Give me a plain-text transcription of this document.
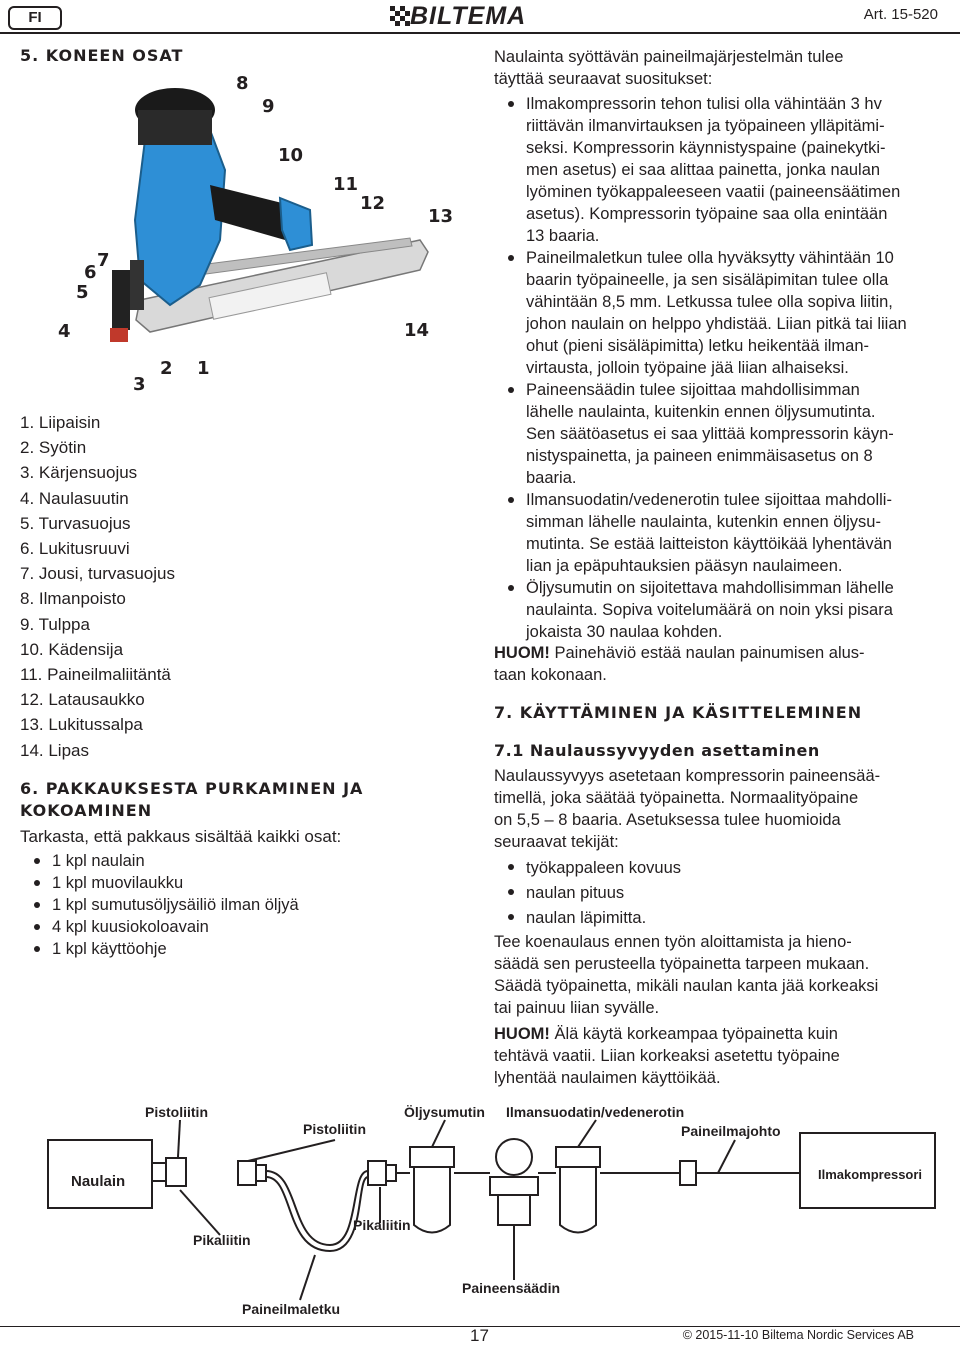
FI	BILTEMA	Art. 15-520
5. KONEEN OSAT
8
9
10
11
12
13
14
7
6
5
4
2 1
3
1. Liipaisin
2. Syötin
3. Kärjensuojus
4. Naulasuutin
5. Turvasuojus
6. Lukitusruuvi
7. Jousi, turvasuojus
8. Ilmanpoisto
9. Tulppa
10. Kädensija
11. Paineilmaliitäntä
12. Latausaukko
13. Lukitussalpa
14. Lipas
6. PAKKAUKSESTA PURKAMINEN JA
KOKOAMINEN

Tarkasta, että pakkaus sisältää kaikki osat:

1 kpl naulain
1 kpl muovilaukku
1 kpl sumutusöljysäiliö ilman öljyä
4 kpl kuusiokoloavain
1 kpl käyttöohje
Naulainta syöttävän paineilmajärjestelmän tulee
täyttää seuraavat suositukset:
Ilmakompressorin tehon tulisi olla vähintään 3 hv
riittävän ilmanvirtauksen ja työpaineen ylläpitämi-
seksi. Kompressorin käynnistyspaine (painekytki-
men asetus) ei saa alittaa painetta, jonka naulan
lyöminen työkappaleeseen vaatii (paineensäätimen
asetus). Kompressorin työpaine saa olla enintään
13 baaria.
Paineilmaletkun tulee olla hyväksytty vähintään 10
baarin työpaineelle, ja sen sisäläpimitan tulee olla
vähintään 8,5 mm. Letkussa tulee olla sopiva liitin,
johon naulain on helppo yhdistää. Liian pitkä tai liian
ohut (pieni sisäläpimitta) letku heikentää ilman-
virtausta, jolloin työpaine jää liian alhaiseksi.
Paineensäädin tulee sijoittaa mahdollisimman
lähelle naulainta, kuitenkin ennen öljysumutinta.
Sen säätöasetus ei saa ylittää kompressorin käyn-
nistyspainetta, ja paineen enimmäisasetus on 8
baaria.
Ilmansuodatin/vedenerotin tulee sijoittaa mahdolli-
simman lähelle naulainta, kutenkin ennen öljysu-
mutinta. Se estää laitteiston käyttöikää lyhentävän
lian ja epäpuhtauksien pääsyn naulaimeen.
Öljysumutin on sijoitettava mahdollisimman lähelle
naulainta. Sopiva voitelumäärä on noin yksi pisara
jokaista 30 naulaa kohden.
HUOM! Painehäviö estää naulan painumisen alus-
taan kokonaan.
7. KÄYTTÄMINEN JA KÄSITTELEMINEN
7.1 Naulaussyvyyden asettaminen
Naulaussyvyys asetetaan kompressorin paineensää-
timellä, joka säätää työpainetta. Normaalityöpaine
on 5,5 – 8 baaria. Asetuksessa tulee huomioida
seuraavat tekijät:
työkappaleen kovuus
naulan pituus
naulan läpimitta.
Tee koenaulaus ennen työn aloittamista ja hieno-
säädä sen perusteella työpainetta tarpeen mukaan.
Säädä työpainetta, mikäli naulan kanta jää korkeaksi
tai painuu liian syvälle.
HUOM! Älä käytä korkeampaa työpainetta kuin
tehtävä vaatii. Liian korkeaksi asetettu työpaine
lyhentää naulaimen käyttöikää.
Pistoliitin
Pistoliitin
Öljysumutin Ilmansuodatin/vedenerotin
Paineilmajohto
Naulain	Ilmakompressori
Pikaliitin
Pikaliitin
Paineensäädin
Paineilmaletku
17	© 2015-11-10 Biltema Nordic Services AB
